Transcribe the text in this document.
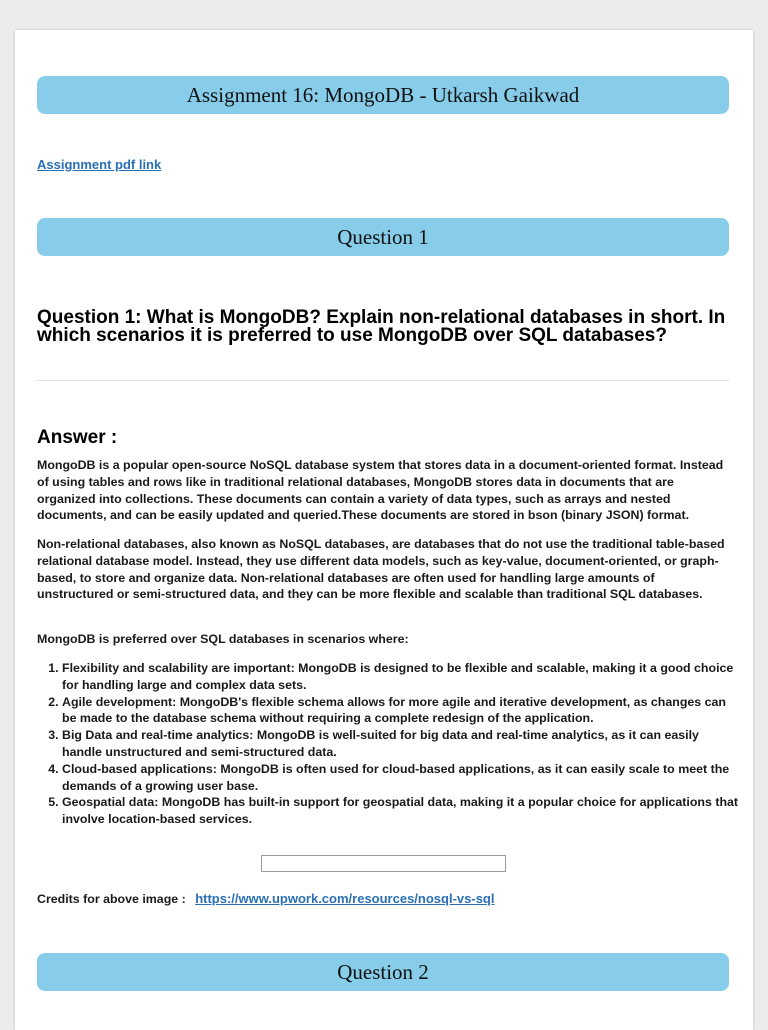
Assignment 16: MongoDB - Utkarsh Gaikwad
Assignment pdf link
Question 1
Question 1: What is MongoDB? Explain non-relational databases in short. In which scenarios it is preferred to use MongoDB over SQL databases?
Answer :

MongoDB is a popular open-source NoSQL database system that stores data in a document-oriented format. Instead of using tables and rows like in traditional relational databases, MongoDB stores data in documents that are organized into collections. These documents can contain a variety of data types, such as arrays and nested documents, and can be easily updated and queried.These documents are stored in bson (binary JSON) format.

Non-relational databases, also known as NoSQL databases, are databases that do not use the traditional table-based relational database model. Instead, they use different data models, such as key-value, document-oriented, or graph-based, to store and organize data. Non-relational databases are often used for handling large amounts of unstructured or semi-structured data, and they can be more flexible and scalable than traditional SQL databases.

MongoDB is preferred over SQL databases in scenarios where:

1. Flexibility and scalability are important: MongoDB is designed to be flexible and scalable, making it a good choice for handling large and complex data sets.
2. Agile development: MongoDB's flexible schema allows for more agile and iterative development, as changes can be made to the database schema without requiring a complete redesign of the application.
3. Big Data and real-time analytics: MongoDB is well-suited for big data and real-time analytics, as it can easily handle unstructured and semi-structured data.
4. Cloud-based applications: MongoDB is often used for cloud-based applications, as it can easily scale to meet the demands of a growing user base.
5. Geospatial data: MongoDB has built-in support for geospatial data, making it a popular choice for applications that involve location-based services.

Credits for above image : https://www.upwork.com/resources/nosql-vs-sql

Question 2
